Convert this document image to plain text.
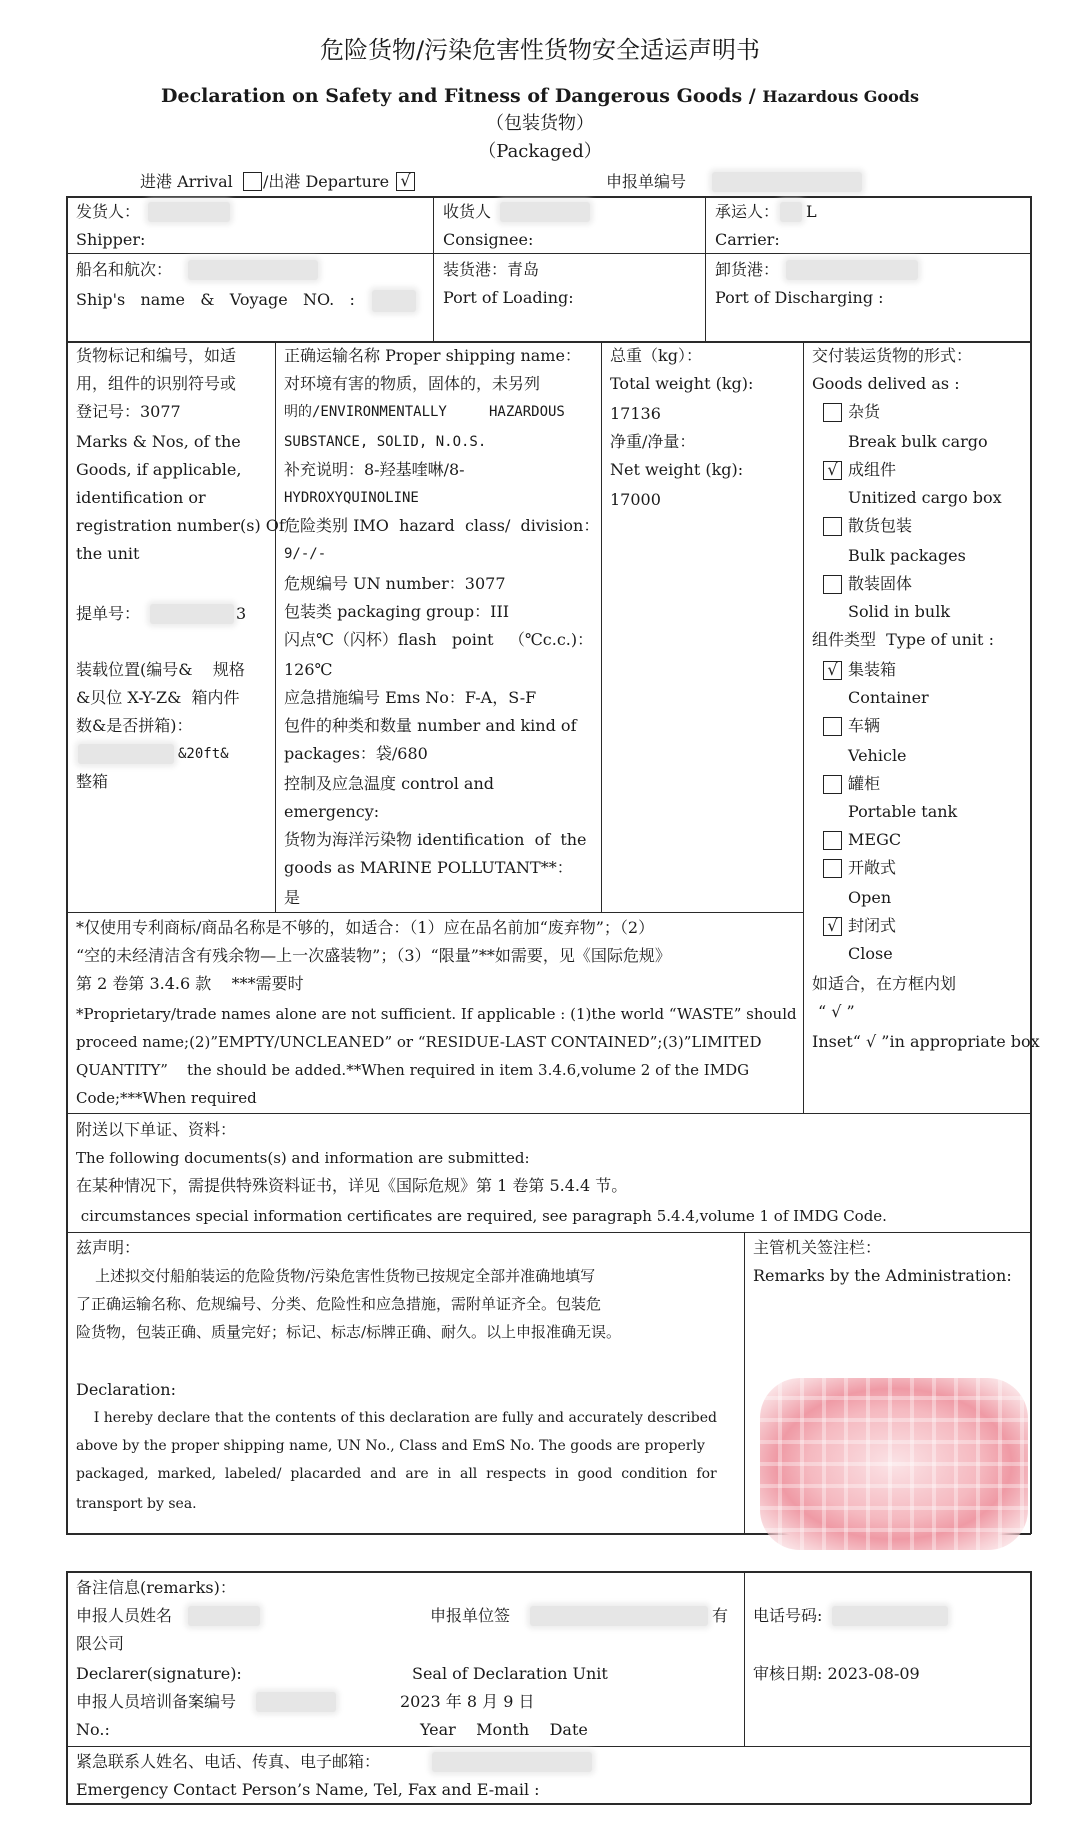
危险货物/污染危害性货物安全适运声明书
Declaration on Safety and Fitness of Dangerous Goods / Hazardous Goods
（包装货物）
（Packaged）
进港 Arrival /出港 Departure √	申报单编号
发货人：
Shipper:
收货人
Consignee:
承运人： L
Carrier:
船名和航次：
Ship's   name   &   Voyage   NO.   :
装货港：青岛
Port of Loading:
卸货港：
Port of Discharging :
货物标记和编号，如适
用，组件的识别符号或
登记号：3077
Marks & Nos, of the
Goods, if applicable,
identification or
registration number(s) Of
the unit
提单号：	3
装载位置(编号&    规格
&贝位 X-Y-Z&  箱内件
数&是否拼箱)：
&20ft&
整箱
正确运输名称 Proper shipping name：
对环境有害的物质，固体的，未另列
明的/ENVIRONMENTALLY     HAZARDOUS
SUBSTANCE, SOLID, N.O.S.
补充说明：8-羟基喹啉/8-
HYDROXYQUINOLINE
危险类别 IMO  hazard  class/  division：
9/-/-
危规编号 UN number：3077
包装类 packaging group：III
闪点℃（闪杯）flash   point   （℃c.c.)：
126℃
应急措施编号 Ems No：F-A，S-F
包件的种类和数量 number and kind of
packages：袋/680
控制及应急温度 control and
emergency:
货物为海洋污染物 identification  of  the
goods as MARINE POLLUTANT**：
是
总重（kg）：
Total weight (kg):
17136
净重/净量：
Net weight (kg):
17000
交付装运货物的形式：
Goods delived as :
杂货
Break bulk cargo
√ 成组件
Unitized cargo box
散货包装
Bulk packages
散装固体
Solid in bulk
组件类型  Type of unit :
√ 集装箱
Container
车辆
Vehicle
罐柜
Portable tank
MEGC
开敞式
Open
√ 封闭式
Close
如适合，在方框内划
“ √ ”
Inset“ √ ”in appropriate box
*仅使用专利商标/商品名称是不够的，如适合：（1）应在品名前加“废弃物”；（2）
“空的未经清洁含有残余物—上一次盛装物”；（3）“限量”**如需要，见《国际危规》
第 2 卷第 3.4.6 款    ***需要时
*Proprietary/trade names alone are not sufficient. If applicable : (1)the world “WASTE” should
proceed name;(2)”EMPTY/UNCLEANED” or “RESIDUE-LAST CONTAINED”;(3)”LIMITED
QUANTITY”    the should be added.**When required in item 3.4.6,volume 2 of the IMDG
Code;***When required
附送以下单证、资料：
The following documents(s) and information are submitted:
在某种情况下，需提供特殊资料证书，详见《国际危规》第 1 卷第 5.4.4 节。
circumstances special information certificates are required, see paragraph 5.4.4,volume 1 of IMDG Code.
兹声明：
上述拟交付船舶装运的危险货物/污染危害性货物已按规定全部并准确地填写
了正确运输名称、危规编号、分类、危险性和应急措施，需附单证齐全。包装危
险货物，包装正确、质量完好；标记、标志/标牌正确、耐久。以上申报准确无误。
Declaration:
I hereby declare that the contents of this declaration are fully and accurately described
above by the proper shipping name, UN No., Class and EmS No. The goods are properly
packaged,  marked,  labeled/  placarded  and  are  in  all  respects  in  good  condition  for
transport by sea.
主管机关签注栏：
Remarks by the Administration:
备注信息(remarks)：
申报人员姓名	申报单位签	有
限公司
电话号码:
Declarer(signature):	Seal of Declaration Unit	审核日期: 2023-08-09
申报人员培训备案编号	2023 年 8 月 9 日
No.:	Year    Month    Date
紧急联系人姓名、电话、传真、电子邮箱：
Emergency Contact Person’s Name, Tel, Fax and E-mail :
